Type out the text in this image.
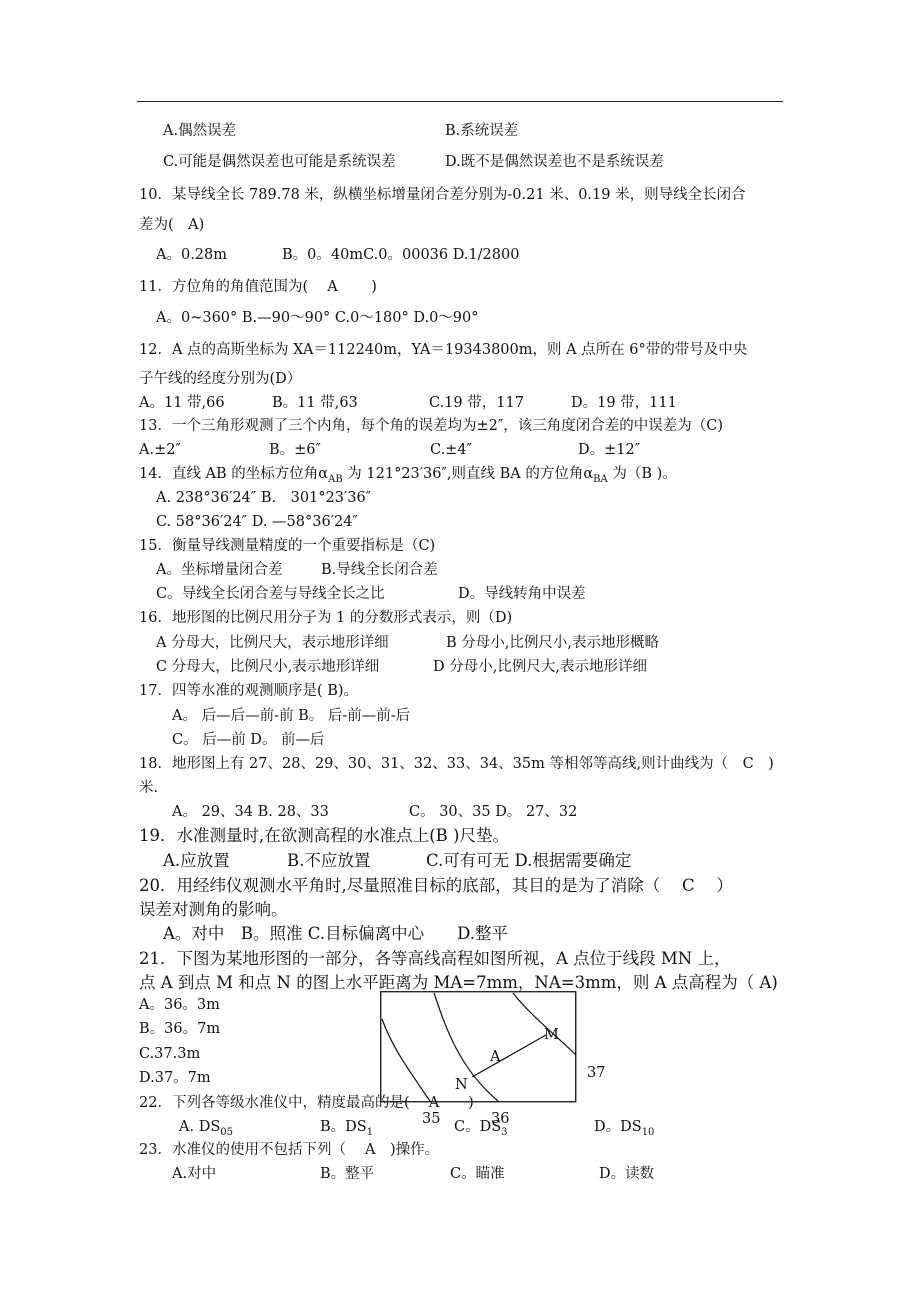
A.偶然误差	B.系统误差
C.可能是偶然误差也可能是系统误差	D.既不是偶然误差也不是系统误差
10．某导线全长 789.78 米，纵横坐标增量闭合差分别为-0.21 米、0.19 米，则导线全长闭合
差为(　A)
A。0.28m	B。0。40mC.0。00036 D.1/2800
11．方位角的角值范围为(　 A　 　)
A。0~360° B.—90～90° C.0～180° D.0～90°
12．A 点的高斯坐标为 XA＝112240m，YA＝19343800m，则 A 点所在 6°带的带号及中央
子午线的经度分别为(D）
A。11 带,66	B。11 带,63	C.19 带，117	D。19 带，111
13．一个三角形观测了三个内角，每个角的误差均为±2″，该三角度闭合差的中误差为（C)
A.±2″	B。±6″	C.±4″	D。±12″
14．直线 AB 的坐标方位角$\alpha_{AB}$ 为 121°23′36″,则直线 BA 的方位角$\alpha_{BA}$ 为（B )。
A. 238°36′24″ B.　301°23′36″
C. 58°36′24″ D. —58°36′24″
15．衡量导线测量精度的一个重要指标是（C)
A。坐标增量闭合差	B.导线全长闭合差
C。导线全长闭合差与导线全长之比	D。导线转角中误差
16．地形图的比例尺用分子为 1 的分数形式表示，则（D)
A 分母大，比例尺大，表示地形详细	B 分母小,比例尺小,表示地形概略
C 分母大，比例尺小,表示地形详细	D 分母小,比例尺大,表示地形详细
17．四等水准的观测顺序是( B)。
A。 后—后—前-前 B。 后-前—前-后
C。 后—前 D。 前—后
18．地形图上有 27、28、29、30、31、32、33、34、35m 等相邻等高线,则计曲线为（　C　)
米.
A。 29、34 B. 28、33	C。 30、35 D。 27、32
19．水准测量时,在欲测高程的水准点上(B )尺垫。
A.应放置	B.不应放置	C.可有可无 D.根据需要确定
20．用经纬仪观测水平角时,尽量照准目标的底部，其目的是为了消除（　 C　 ）
误差对测角的影响。
A。对中　B。照准 C.目标偏离中心　　D.整平
21．下图为某地形图的一部分，各等高线高程如图所视，A 点位于线段 MN 上，
点 A 到点 M 和点 N 的图上水平距离为 MA=7mm，NA=3mm，则 A 点高程为（ A)
A。36。3m
B。36。7m
C.37.3m
D.37。7m
M
A
N
37
35	36
22．下列各等级水准仪中，精度最高的是(　 A　　)
A. $DS_{05}$	B。$DS_1$	C。$DS_3$	D。$DS_{10}$
23．水准仪的使用不包括下列（　 A　)操作。
A.对中	B。整平	C。瞄准	D。读数
